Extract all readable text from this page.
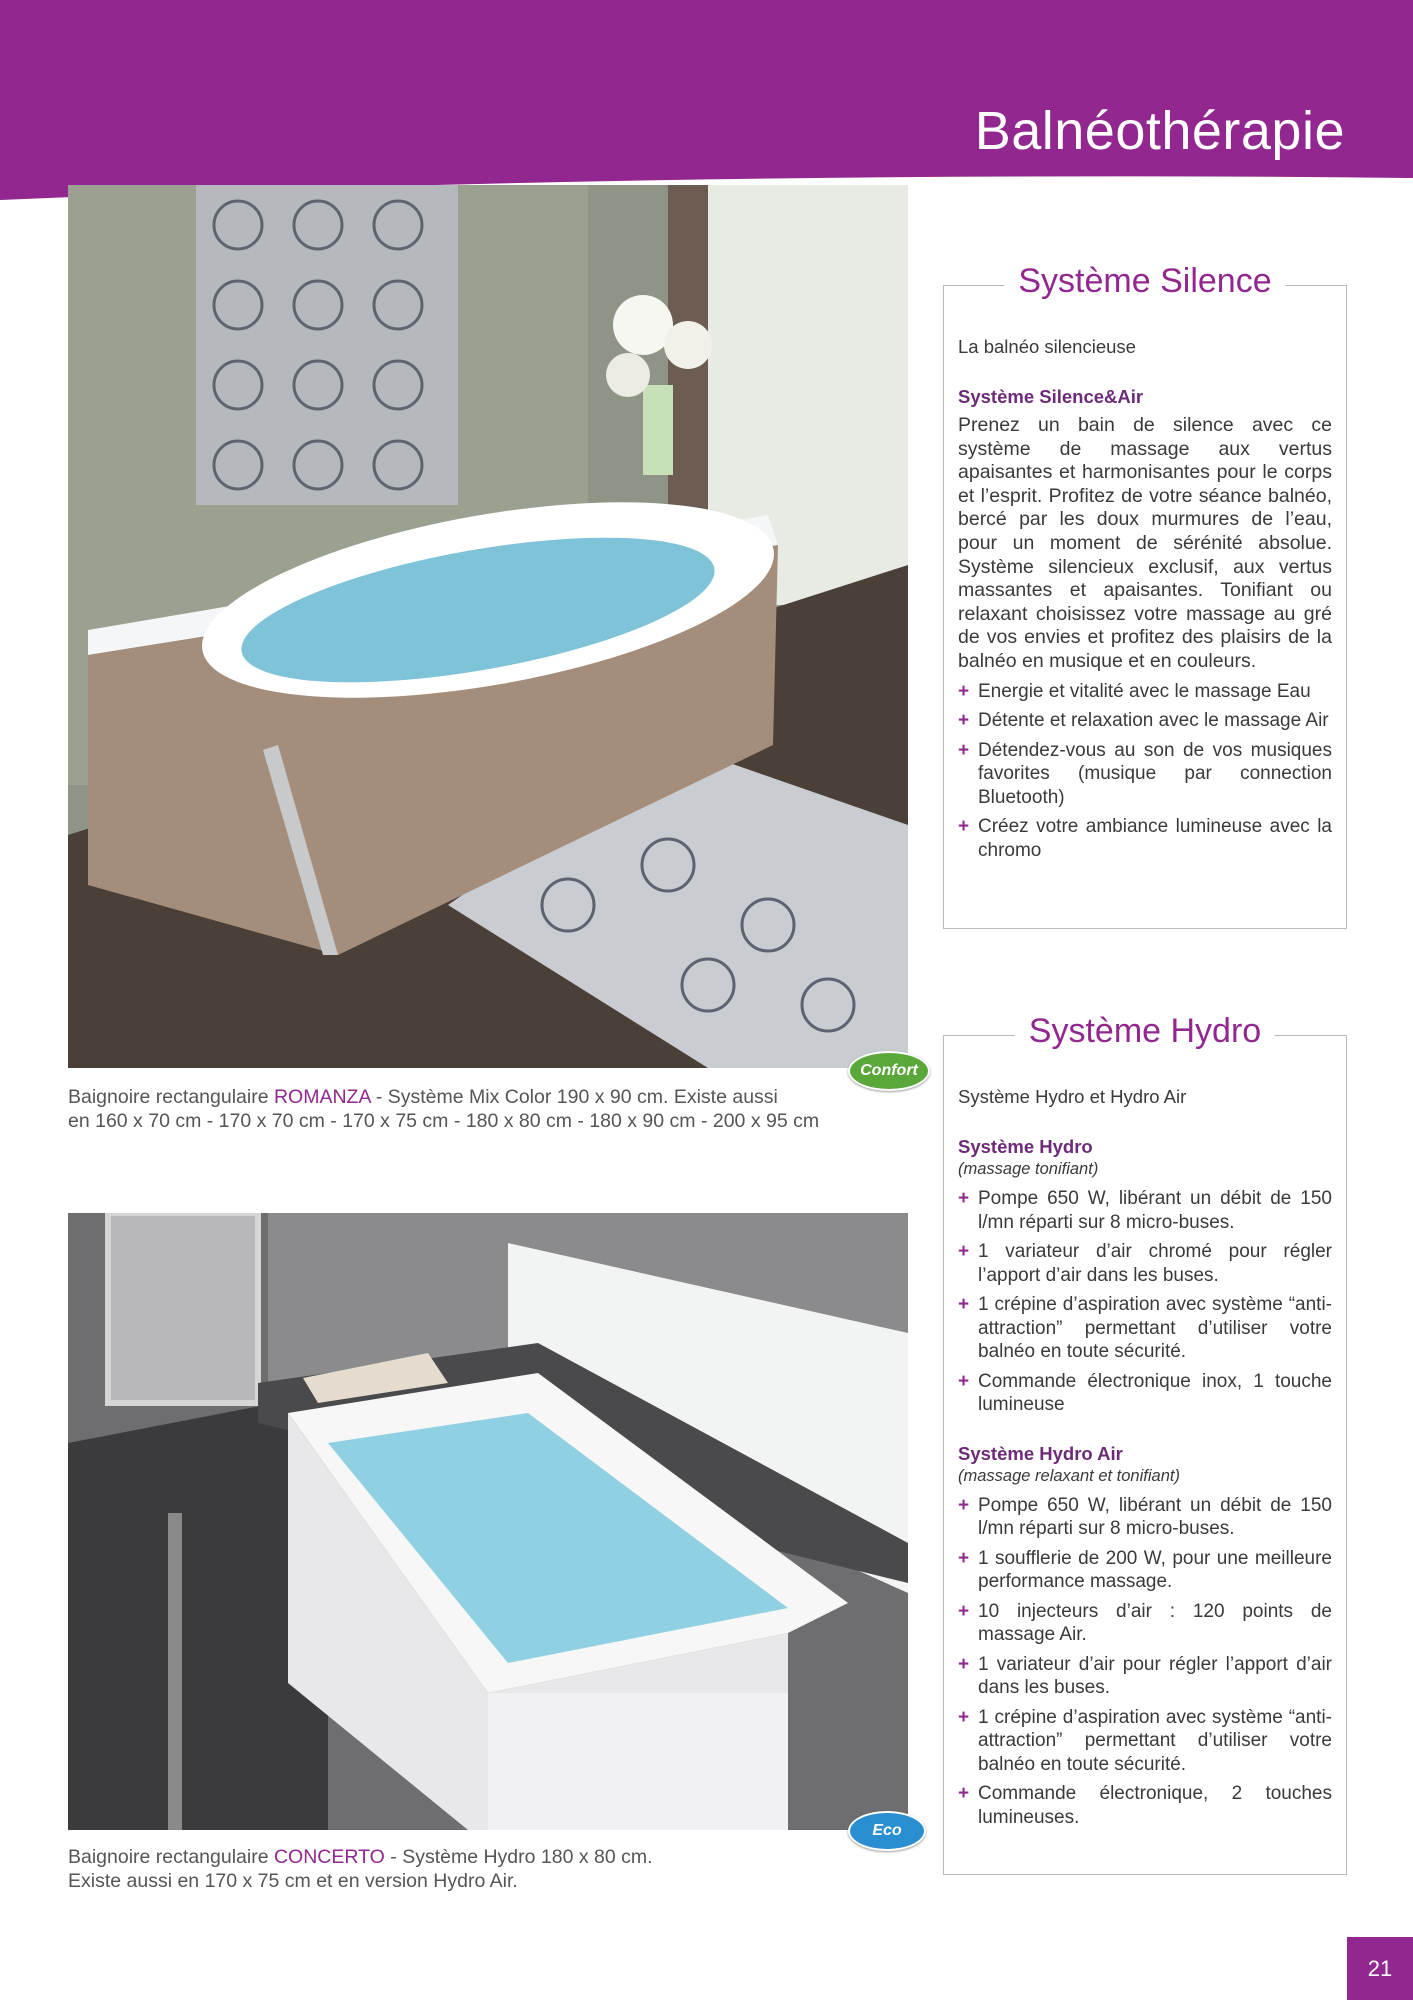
Balnéothérapie
Confort
Baignoire rectangulaire ROMANZA - Système Mix Color 190 x 90 cm. Existe aussi
en 160 x 70 cm - 170 x 70 cm - 170 x 75 cm - 180 x 80 cm - 180 x 90 cm - 200 x 95 cm
Eco
Baignoire rectangulaire CONCERTO - Système Hydro 180 x 80 cm.
Existe aussi en 170 x 75 cm et en version Hydro Air.
Système Silence

La balnéo silencieuse

Système Silence&Air

Prenez un bain de silence avec ce système de massage aux vertus apaisantes et harmonisantes pour le corps et l’esprit. Profitez de votre séance balnéo, bercé par les doux murmures de l’eau, pour un moment de sérénité absolue. Système silencieux exclusif, aux vertus massantes et apaisantes. Tonifiant ou relaxant choisissez votre massage au gré de vos envies et profitez des plaisirs de la balnéo en musique et en couleurs.

+ Energie et vitalité avec le massage Eau
+ Détente et relaxation avec le massage Air
+ Détendez-vous au son de vos musiques favorites (musique par connection Bluetooth)
+ Créez votre ambiance lumineuse avec la chromo
Système Hydro

Système Hydro et Hydro Air

Système Hydro

(massage tonifiant)

+ Pompe 650 W, libérant un débit de 150 l/mn réparti sur 8 micro-buses.
+ 1 variateur d’air chromé pour régler l’apport d’air dans les buses.
+ 1 crépine d’aspiration avec système “anti-attraction” permettant d’utiliser votre balnéo en toute sécurité.
+ Commande électronique inox, 1 touche lumineuse

Système Hydro Air

(massage relaxant et tonifiant)

+ Pompe 650 W, libérant un débit de 150 l/mn réparti sur 8 micro-buses.
+ 1 soufflerie de 200 W, pour une meilleure performance massage.
+ 10 injecteurs d’air : 120 points de massage Air.
+ 1 variateur d’air pour régler l’apport d’air dans les buses.
+ 1 crépine d’aspiration avec système “anti-attraction” permettant d’utiliser votre balnéo en toute sécurité.
+ Commande électronique, 2 touches lumineuses.
21
